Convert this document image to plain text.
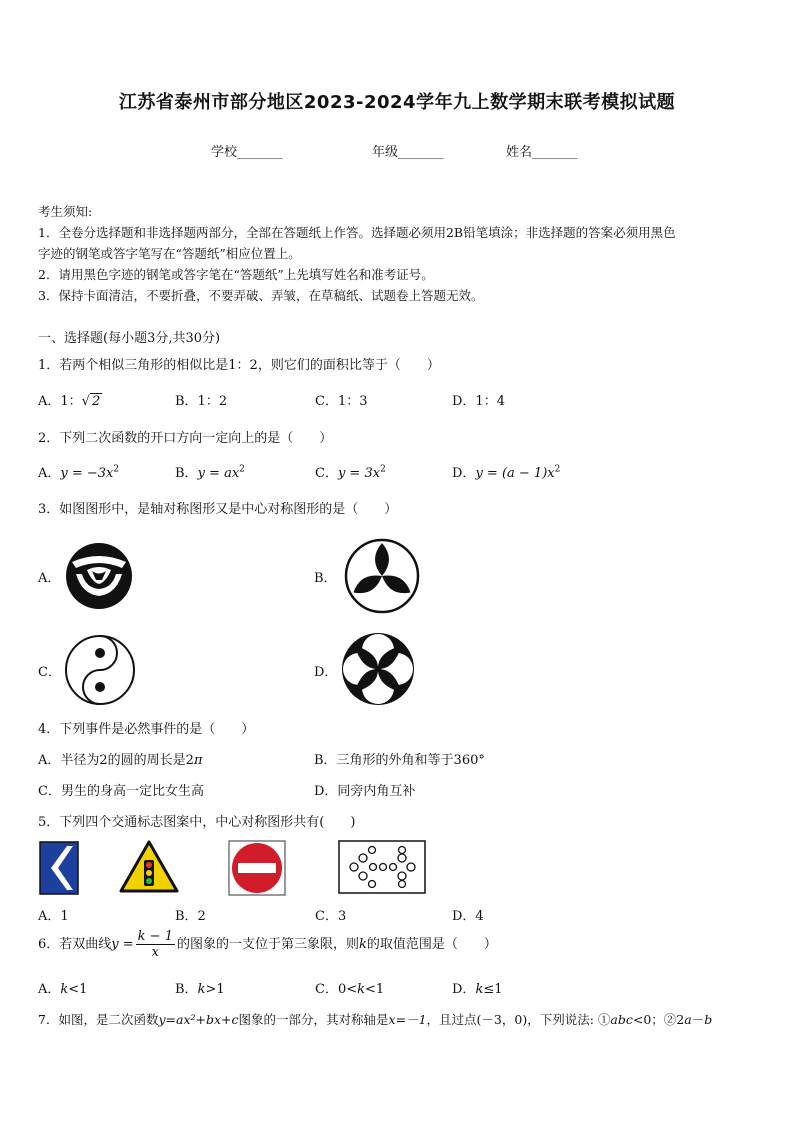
江苏省泰州市部分地区2023-2024学年九上数学期末联考模拟试题
学校_______	年级_______	姓名_______
考生须知:
1．全卷分选择题和非选择题两部分，全部在答题纸上作答。选择题必须用2B铅笔填涂；非选择题的答案必须用黑色
字迹的钢笔或答字笔写在“答题纸”相应位置上。
2．请用黑色字迹的钢笔或答字笔在“答题纸”上先填写姓名和准考证号。
3．保持卡面清洁，不要折叠，不要弄破、弄皱，在草稿纸、试题卷上答题无效。
一、选择题(每小题3分,共30分)
1．若两个相似三角形的相似比是1：2，则它们的面积比等于（　　）
A．1：√ 2	B．1：2	C．1：3	D．1：4
2．下列二次函数的开口方向一定向上的是（　　）
A．$y = -3x^2$	B．$y = ax^2$	C．$y = 3x^2$	D．$y = (a - 1)x^2$
3．如图图形中，是轴对称图形又是中心对称图形的是（　　）
A．	B．
C．	D．
4．下列事件是必然事件的是（　　）
A．半径为2的圆的周长是2π	B．三角形的外角和等于360°
C．男生的身高一定比女生高	D．同旁内角互补
5．下列四个交通标志图案中，中心对称图形共有(　　)
A．1	B．2	C．3	D．4
6．若双曲线$y = \frac{k - 1}{x}$ 的图象的一支位于第三象限，则k的取值范围是（　　）
A．k<1	B．k>1	C．0<k<1	D．k≤1
7．如图，是二次函数y=ax²+bx+c图象的一部分，其对称轴是x=－1，且过点(－3，0)，下列说法: ①abc<0；②2a－b
